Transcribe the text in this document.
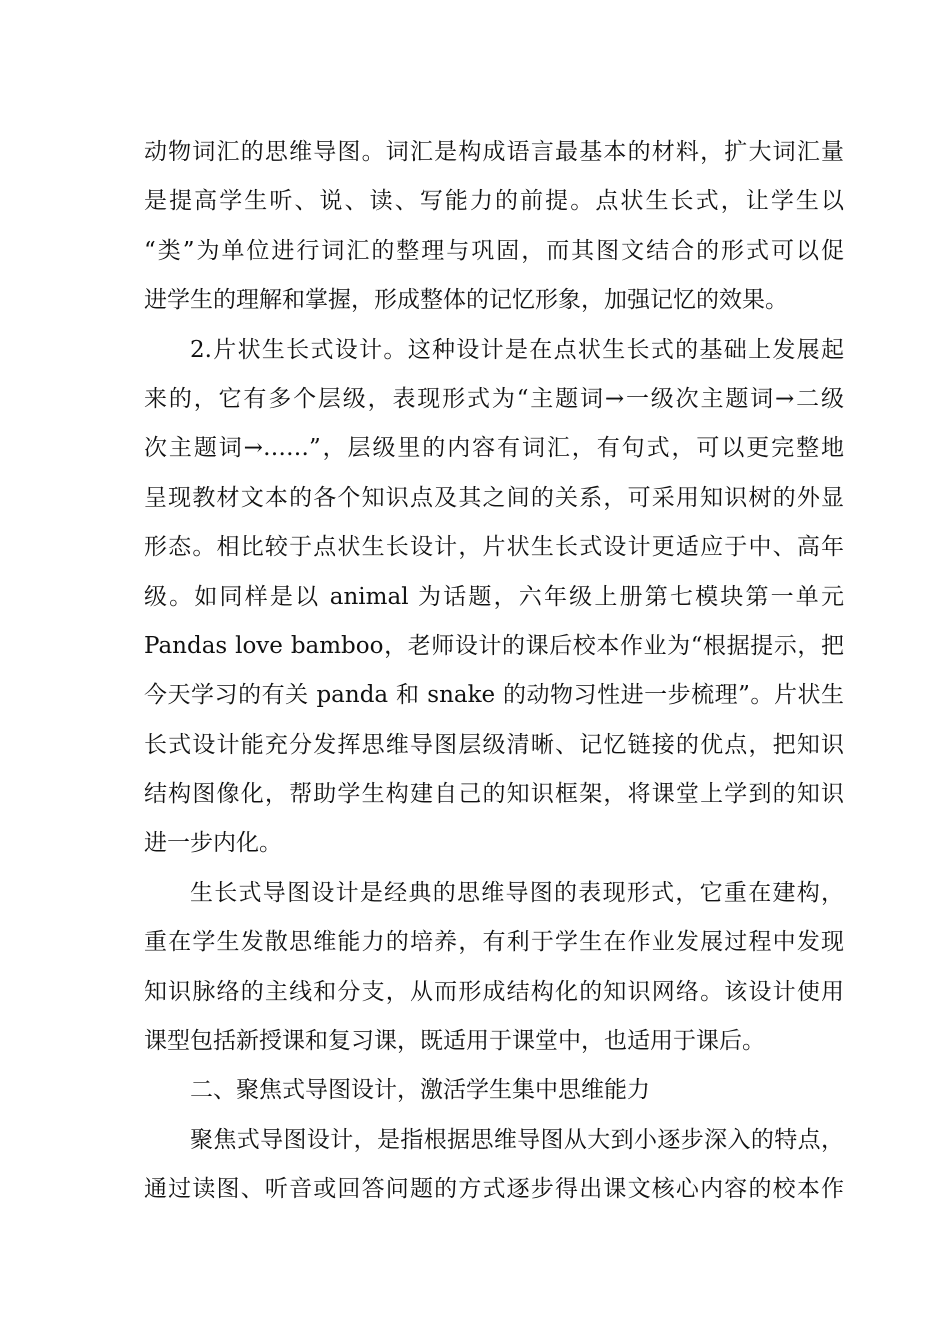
动物词汇的思维导图。词汇是构成语言最基本的材料，扩大词汇量
是提高学生听、说、读、写能力的前提。点状生长式，让学生以
“类”为单位进行词汇的整理与巩固，而其图文结合的形式可以促
进学生的理解和掌握，形成整体的记忆形象，加强记忆的效果。
2.片状生长式设计。这种设计是在点状生长式的基础上发展起
来的，它有多个层级，表现形式为“主题词→一级次主题词→二级
次主题词→……”，层级里的内容有词汇，有句式，可以更完整地
呈现教材文本的各个知识点及其之间的关系，可采用知识树的外显
形态。相比较于点状生长设计，片状生长式设计更适应于中、高年
级。如同样是以 animal 为话题，六年级上册第七模块第一单元
Pandas love bamboo，老师设计的课后校本作业为“根据提示，把
今天学习的有关 panda 和 snake 的动物习性进一步梳理”。片状生
长式设计能充分发挥思维导图层级清晰、记忆链接的优点，把知识
结构图像化，帮助学生构建自己的知识框架，将课堂上学到的知识
进一步内化。
生长式导图设计是经典的思维导图的表现形式，它重在建构，
重在学生发散思维能力的培养，有利于学生在作业发展过程中发现
知识脉络的主线和分支，从而形成结构化的知识网络。该设计使用
课型包括新授课和复习课，既适用于课堂中，也适用于课后。
二、聚焦式导图设计，激活学生集中思维能力
聚焦式导图设计，是指根据思维导图从大到小逐步深入的特点，
通过读图、听音或回答问题的方式逐步得出课文核心内容的校本作
